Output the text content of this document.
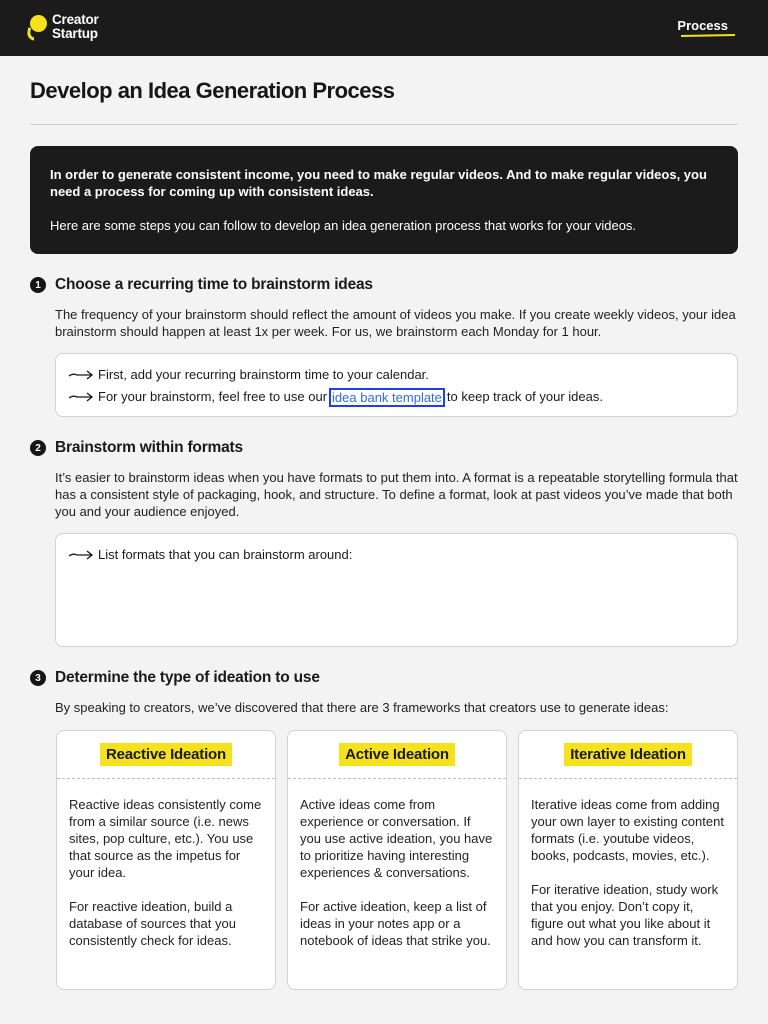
Creator
Startup
Process
Develop an Idea Generation Process

In order to generate consistent income, you need to make regular videos. And to make regular videos, you need a process for coming up with consistent ideas.

Here are some steps you can follow to develop an idea generation process that works for your videos.

1 Choose a recurring time to brainstorm ideas
The frequency of your brainstorm should reflect the amount of videos you make. If you create weekly videos, your idea brainstorm should happen at least 1x per week. For us, we brainstorm each Monday for 1 hour.
First, add your recurring brainstorm time to your calendar.
For your brainstorm, feel free to use our idea bank template to keep track of your ideas.
2 Brainstorm within formats
It’s easier to brainstorm ideas when you have formats to put them into. A format is a repeatable storytelling formula that has a consistent style of packaging, hook, and structure. To define a format, look at past videos you’ve made that both you and your audience enjoyed.
List formats that you can brainstorm around:
3 Determine the type of ideation to use
By speaking to creators, we’ve discovered that there are 3 frameworks that creators use to generate ideas:
Reactive Ideation

Reactive ideas consistently come from a similar source (i.e. news sites, pop culture, etc.). You use that source as the impetus for your idea.

For reactive ideation, build a database of sources that you consistently check for ideas.

Active Ideation

Active ideas come from experience or conversation. If you use active ideation, you have to prioritize having interesting experiences & conversations.

For active ideation, keep a list of ideas in your notes app or a notebook of ideas that strike you.

Iterative Ideation

Iterative ideas come from adding your own layer to existing content formats (i.e. youtube videos, books, podcasts, movies, etc.).

For iterative ideation, study work that you enjoy. Don’t copy it, figure out what you like about it and how you can transform it.
